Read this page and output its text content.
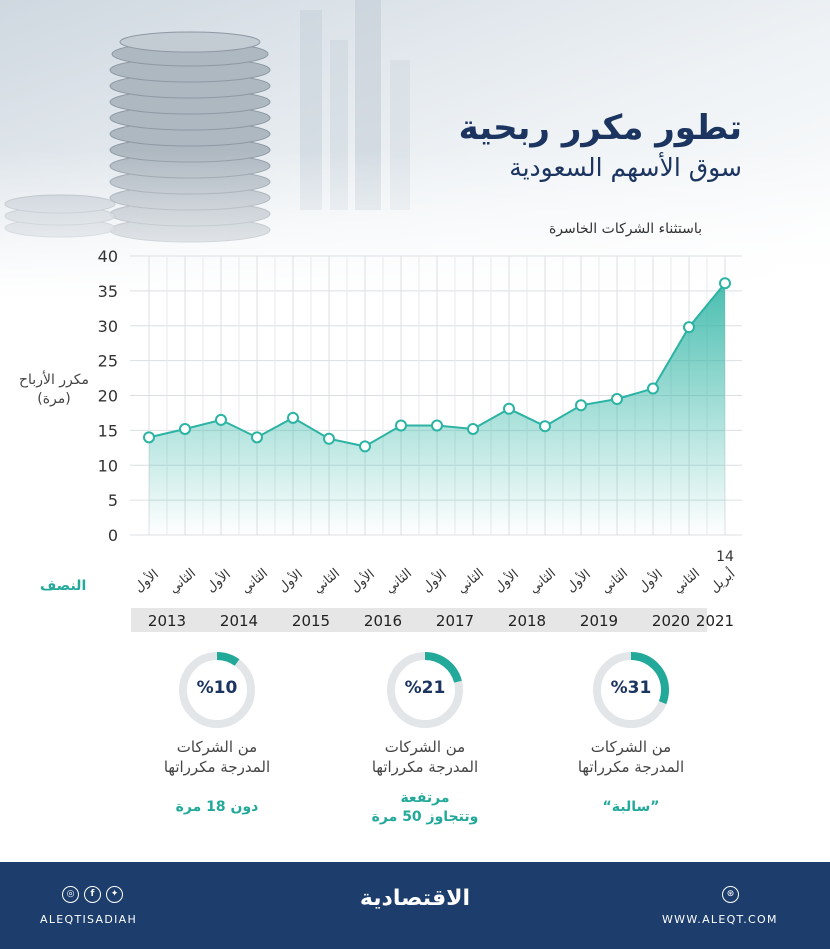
تطور مكرر ربحية
سوق الأسهم السعودية
باستثناء الشركات الخاسرة
0
5
10
15
20
25
30
35
40
الأول الثاني الأول الثاني الأول الثاني الأول الثاني الأول الثاني الأول الثاني الأول الثاني الأول الثاني
14
أبريل
2013 2014 2015 2016 2017 2018 2019 2020 2021
مكرر الأرباح (مرة)
النصف
%31
%21
%10
من الشركات
المدرجة مكرراتها
من الشركات
المدرجة مكرراتها
من الشركات
المدرجة مكرراتها
”سالبة“
مرتفعة
وتتجاوز 50 مرة
دون 18 مرة
◎	f	✦
ALEQTISADIAH
الاقتصادية	⊛
WWW.ALEQT.COM
